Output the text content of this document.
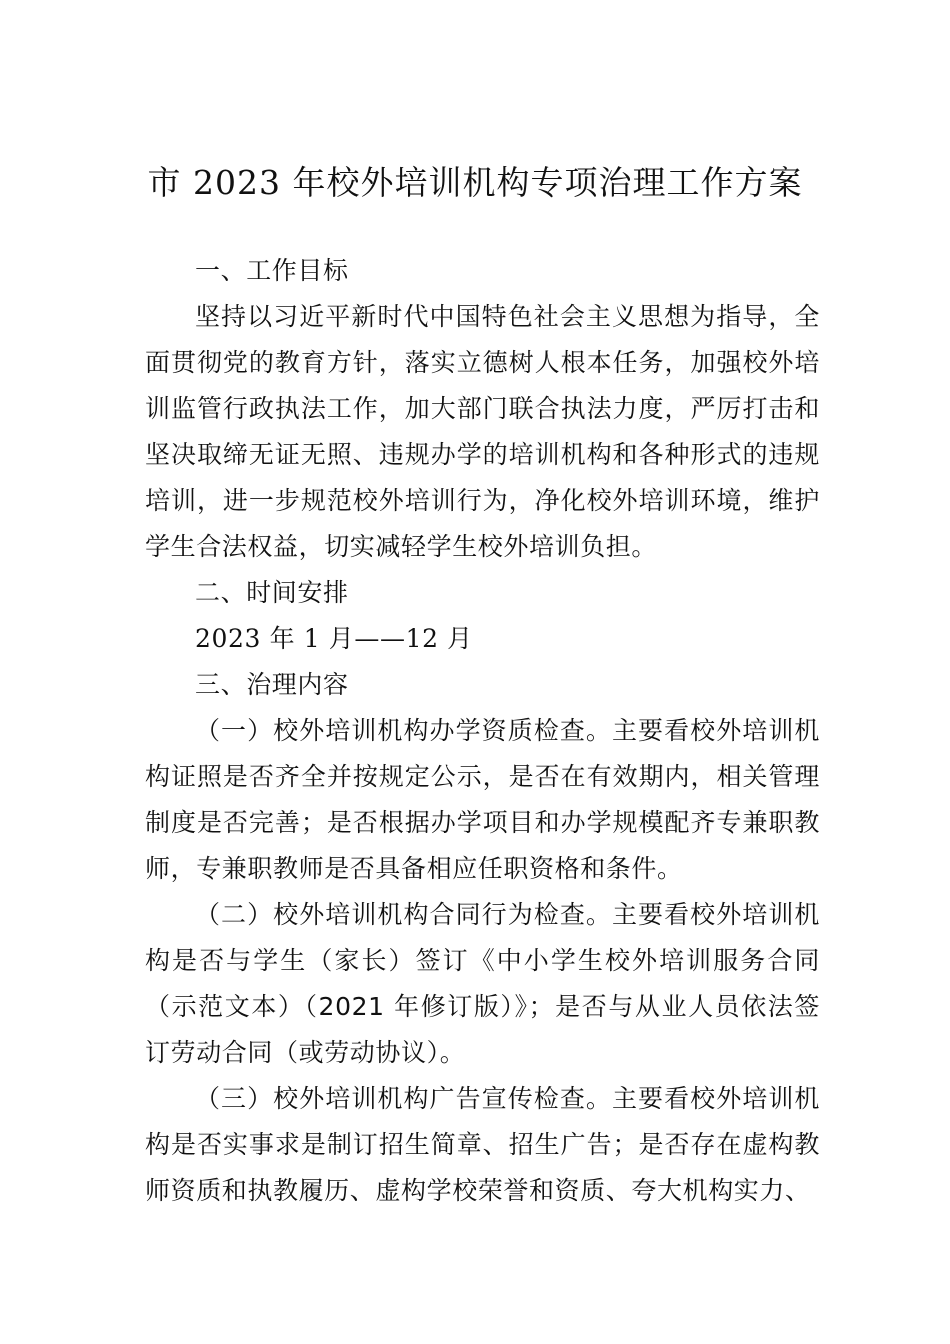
市 2023 年校外培训机构专项治理工作方案

一、工作目标

坚持以习近平新时代中国特色社会主义思想为指导，全面贯彻党的教育方针，落实立德树人根本任务，加强校外培训监管行政执法工作，加大部门联合执法力度，严厉打击和坚决取缔无证无照、违规办学的培训机构和各种形式的违规培训，进一步规范校外培训行为，净化校外培训环境，维护学生合法权益，切实减轻学生校外培训负担。

二、时间安排

2023 年 1 月——12 月

三、治理内容

（一）校外培训机构办学资质检查。主要看校外培训机构证照是否齐全并按规定公示，是否在有效期内，相关管理制度是否完善；是否根据办学项目和办学规模配齐专兼职教师，专兼职教师是否具备相应任职资格和条件。

（二）校外培训机构合同行为检查。主要看校外培训机构是否与学生（家长）签订《中小学生校外培训服务合同（示范文本）（2021 年修订版）》；是否与从业人员依法签订劳动合同（或劳动协议）。

（三）校外培训机构广告宣传检查。主要看校外培训机构是否实事求是制订招生简章、招生广告；是否存在虚构教师资质和执教履历、虚构学校荣誉和资质、夸大机构实力、
